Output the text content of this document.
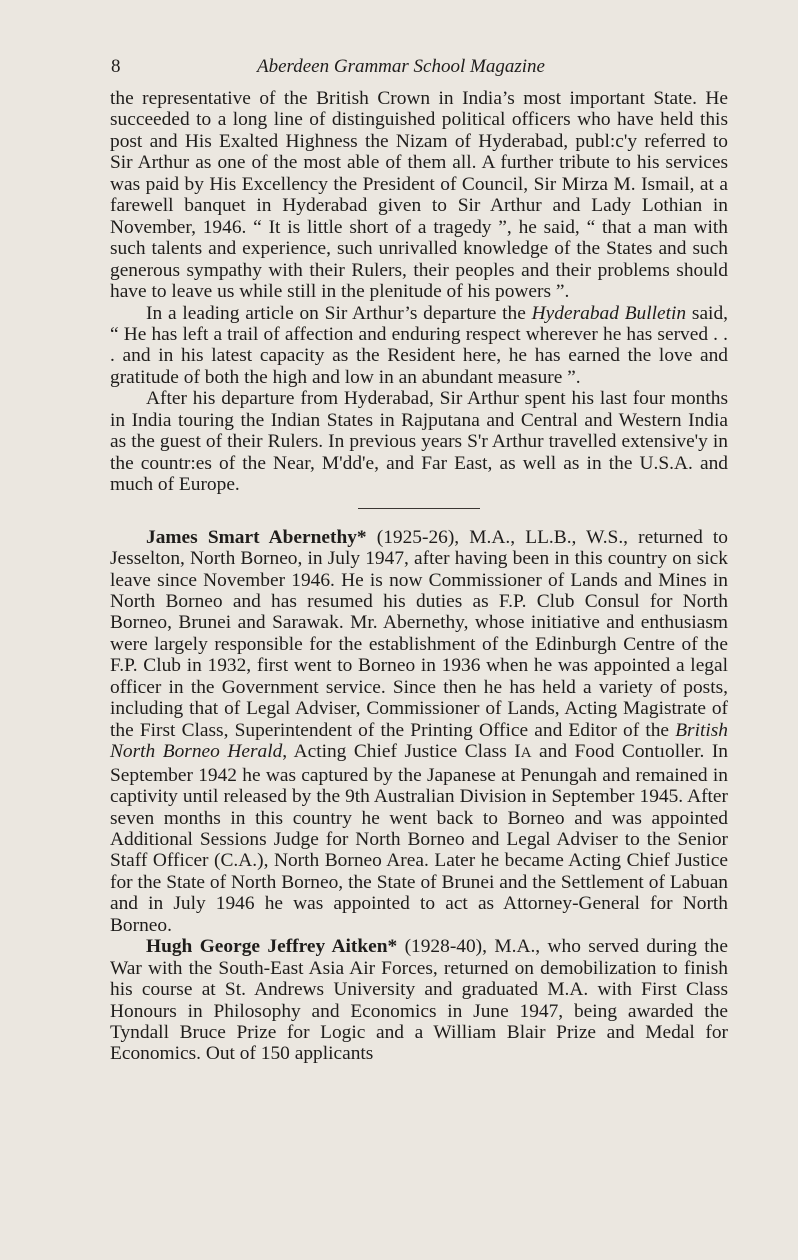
8	Aberdeen Grammar School Magazine

the representative of the British Crown in India’s most important State. He succeeded to a long line of distinguished political officers who have held this post and His Exalted Highness the Nizam of Hyderabad, publ:c'y referred to Sir Arthur as one of the most able of them all. A further tribute to his services was paid by His Excellency the President of Council, Sir Mirza M. Ismail, at a farewell banquet in Hyderabad given to Sir Arthur and Lady Lothian in November, 1946. “ It is little short of a tragedy ”, he said, “ that a man with such talents and experience, such unrivalled knowledge of the States and such generous sympathy with their Rulers, their peoples and their problems should have to leave us while still in the plenitude of his powers ”.

In a leading article on Sir Arthur’s departure the Hyderabad Bulletin said, “ He has left a trail of affection and enduring respect wherever he has served . . . and in his latest capacity as the Resident here, he has earned the love and gratitude of both the high and low in an abundant measure ”.

After his departure from Hyderabad, Sir Arthur spent his last four months in India touring the Indian States in Rajputana and Central and Western India as the guest of their Rulers. In previous years S'r Arthur travelled extensive'y in the countr:es of the Near, M'dd'e, and Far East, as well as in the U.S.A. and much of Europe.

James Smart Abernethy* (1925-26), M.A., LL.B., W.S., returned to Jesselton, North Borneo, in July 1947, after having been in this country on sick leave since November 1946. He is now Commissioner of Lands and Mines in North Borneo and has resumed his duties as F.P. Club Consul for North Borneo, Brunei and Sarawak. Mr. Abernethy, whose initiative and enthusiasm were largely responsible for the establishment of the Edinburgh Centre of the F.P. Club in 1932, first went to Borneo in 1936 when he was appointed a legal officer in the Government service. Since then he has held a variety of posts, including that of Legal Adviser, Commissioner of Lands, Acting Magistrate of the First Class, Superintendent of the Printing Office and Editor of the British North Borneo Herald, Acting Chief Justice Class IA and Food Contıoller. In September 1942 he was captured by the Japanese at Penungah and remained in captivity until released by the 9th Australian Division in September 1945. After seven months in this country he went back to Borneo and was appointed Additional Sessions Judge for North Borneo and Legal Adviser to the Senior Staff Officer (C.A.), North Borneo Area. Later he became Acting Chief Justice for the State of North Borneo, the State of Brunei and the Settlement of Labuan and in July 1946 he was appointed to act as Attorney-General for North Borneo.

Hugh George Jeffrey Aitken* (1928-40), M.A., who served during the War with the South-East Asia Air Forces, returned on demobilization to finish his course at St. Andrews University and graduated M.A. with First Class Honours in Philosophy and Economics in June 1947, being awarded the Tyndall Bruce Prize for Logic and a William Blair Prize and Medal for Economics. Out of 150 applicants
